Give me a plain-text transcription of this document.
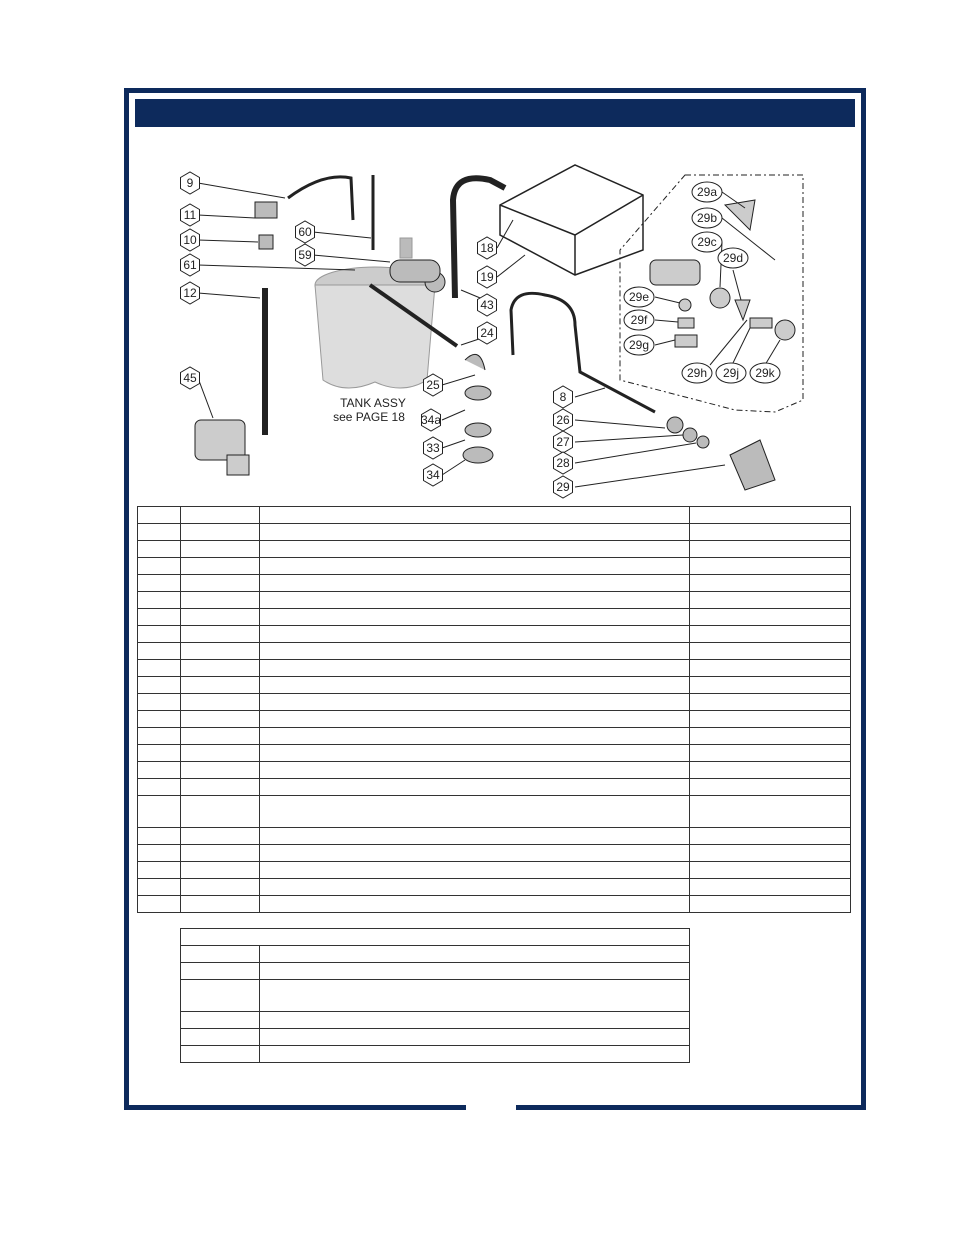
TANK ASSY
see PAGE 18
9
11
10
61
12
45
60
59	18
19
43
24
25
34a
33
34
8
26
27
28
29
29a
29b
29c
29d
29e
29f
29g
29h 29j 29k
